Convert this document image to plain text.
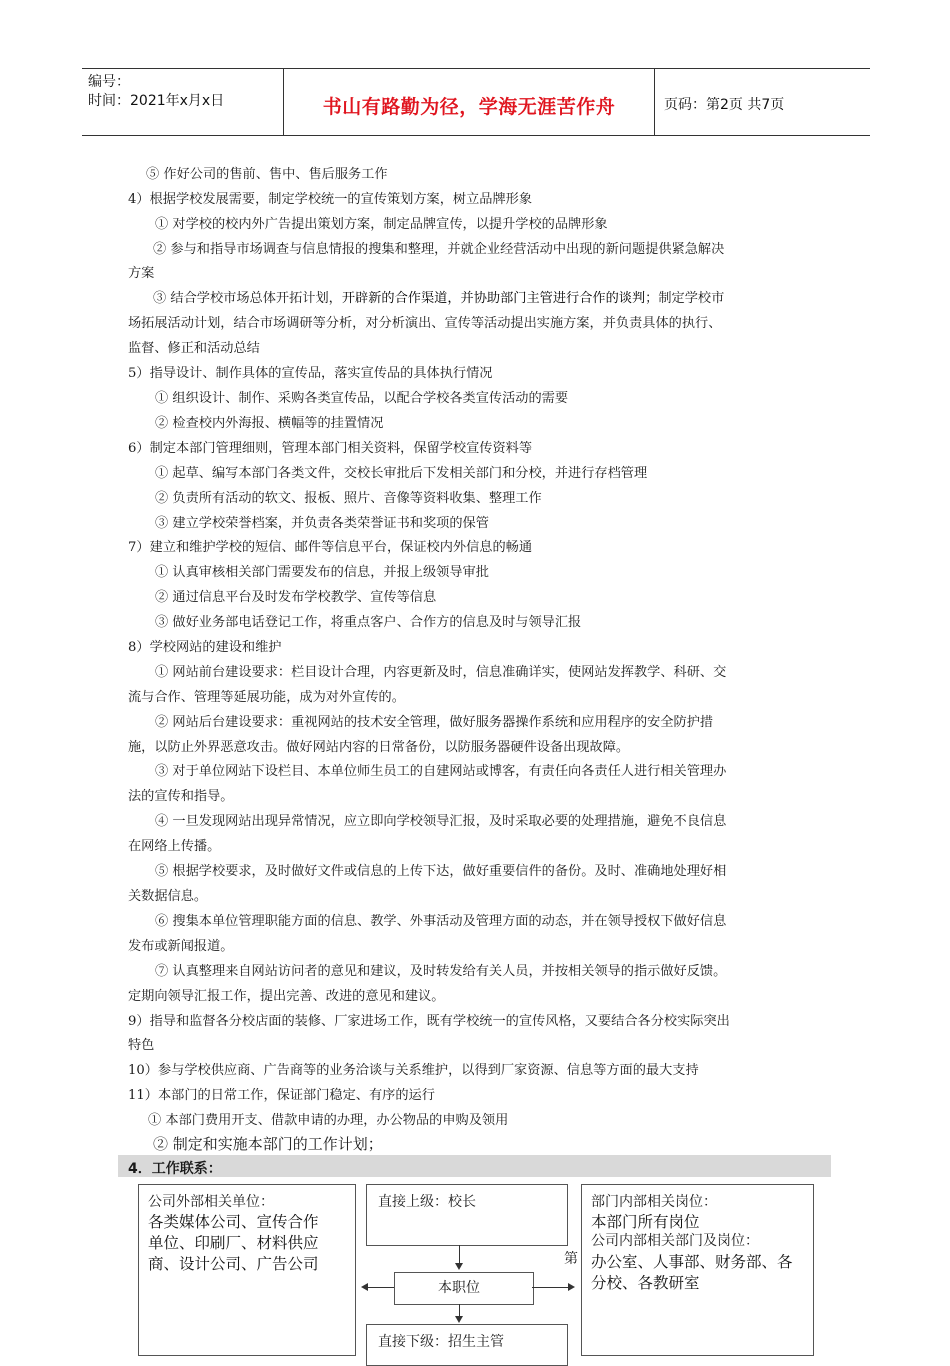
编号：
时间：2021年x月x日	书山有路勤为径，学海无涯苦作舟	页码：第2页 共7页
⑤ 作好公司的售前、售中、售后服务工作
4）根据学校发展需要，制定学校统一的宣传策划方案，树立品牌形象
① 对学校的校内外广告提出策划方案，制定品牌宣传，以提升学校的品牌形象
② 参与和指导市场调查与信息情报的搜集和整理，并就企业经营活动中出现的新问题提供紧急解决
方案
③ 结合学校市场总体开拓计划，开辟新的合作渠道，并协助部门主管进行合作的谈判；制定学校市
场拓展活动计划，结合市场调研等分析，对分析演出、宣传等活动提出实施方案，并负责具体的执行、
监督、修正和活动总结
5）指导设计、制作具体的宣传品，落实宣传品的具体执行情况
① 组织设计、制作、采购各类宣传品，以配合学校各类宣传活动的需要
② 检查校内外海报、横幅等的挂置情况
6）制定本部门管理细则，管理本部门相关资料，保留学校宣传资料等
① 起草、编写本部门各类文件，交校长审批后下发相关部门和分校，并进行存档管理
② 负责所有活动的软文、报板、照片、音像等资料收集、整理工作
③ 建立学校荣誉档案，并负责各类荣誉证书和奖项的保管
7）建立和维护学校的短信、邮件等信息平台，保证校内外信息的畅通
① 认真审核相关部门需要发布的信息，并报上级领导审批
② 通过信息平台及时发布学校教学、宣传等信息
③ 做好业务部电话登记工作，将重点客户、合作方的信息及时与领导汇报
8）学校网站的建设和维护
① 网站前台建设要求：栏目设计合理，内容更新及时，信息准确详实，使网站发挥教学、科研、交
流与合作、管理等延展功能，成为对外宣传的。
② 网站后台建设要求：重视网站的技术安全管理，做好服务器操作系统和应用程序的安全防护措
施，以防止外界恶意攻击。做好网站内容的日常备份，以防服务器硬件设备出现故障。
③ 对于单位网站下设栏目、本单位师生员工的自建网站或博客，有责任向各责任人进行相关管理办
法的宣传和指导。
④ 一旦发现网站出现异常情况，应立即向学校领导汇报，及时采取必要的处理措施，避免不良信息
在网络上传播。
⑤ 根据学校要求，及时做好文件或信息的上传下达，做好重要信件的备份。及时、准确地处理好相
关数据信息。
⑥ 搜集本单位管理职能方面的信息、教学、外事活动及管理方面的动态，并在领导授权下做好信息
发布或新闻报道。
⑦ 认真整理来自网站访问者的意见和建议，及时转发给有关人员，并按相关领导的指示做好反馈。
定期向领导汇报工作，提出完善、改进的意见和建议。
9）指导和监督各分校店面的装修、厂家进场工作，既有学校统一的宣传风格，又要结合各分校实际突出
特色
10）参与学校供应商、广告商等的业务洽谈与关系维护，以得到厂家资源、信息等方面的最大支持
11）本部门的日常工作，保证部门稳定、有序的运行
① 本部门费用开支、借款申请的办理，办公物品的申购及领用
② 制定和实施本部门的工作计划；
4．工作联系：
公司外部相关单位：
各类媒体公司、宣传合作
单位、印刷厂、材料供应
商、设计公司、广告公司
直接上级：校长
第
本职位
直接下级：招生主管
部门内部相关岗位：
本部门所有岗位
公司内部相关部门及岗位：
办公室、人事部、财务部、各
分校、各教研室
